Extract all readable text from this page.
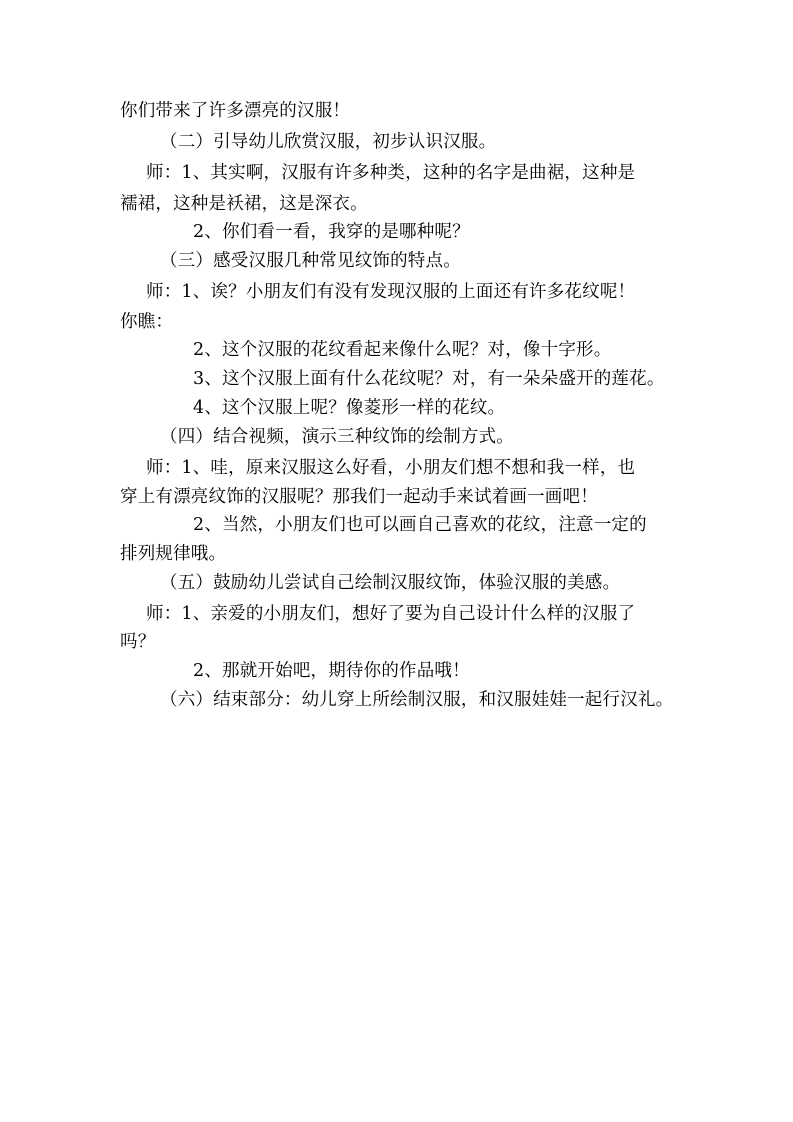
你们带来了许多漂亮的汉服！
（二）引导幼儿欣赏汉服，初步认识汉服。
师：1、其实啊，汉服有许多种类，这种的名字是曲裾，这种是
襦裙，这种是袄裙，这是深衣。
2、你们看一看，我穿的是哪种呢？
（三）感受汉服几种常见纹饰的特点。
师：1、诶？小朋友们有没有发现汉服的上面还有许多花纹呢！
你瞧：
2、这个汉服的花纹看起来像什么呢？对，像十字形。
3、这个汉服上面有什么花纹呢？对，有一朵朵盛开的莲花。
4、这个汉服上呢？像菱形一样的花纹。
（四）结合视频，演示三种纹饰的绘制方式。
师：1、哇，原来汉服这么好看，小朋友们想不想和我一样，也
穿上有漂亮纹饰的汉服呢？那我们一起动手来试着画一画吧！
2、当然，小朋友们也可以画自己喜欢的花纹，注意一定的
排列规律哦。
（五）鼓励幼儿尝试自己绘制汉服纹饰，体验汉服的美感。
师：1、亲爱的小朋友们，想好了要为自己设计什么样的汉服了
吗？
2、那就开始吧，期待你的作品哦！
（六）结束部分：幼儿穿上所绘制汉服，和汉服娃娃一起行汉礼。
